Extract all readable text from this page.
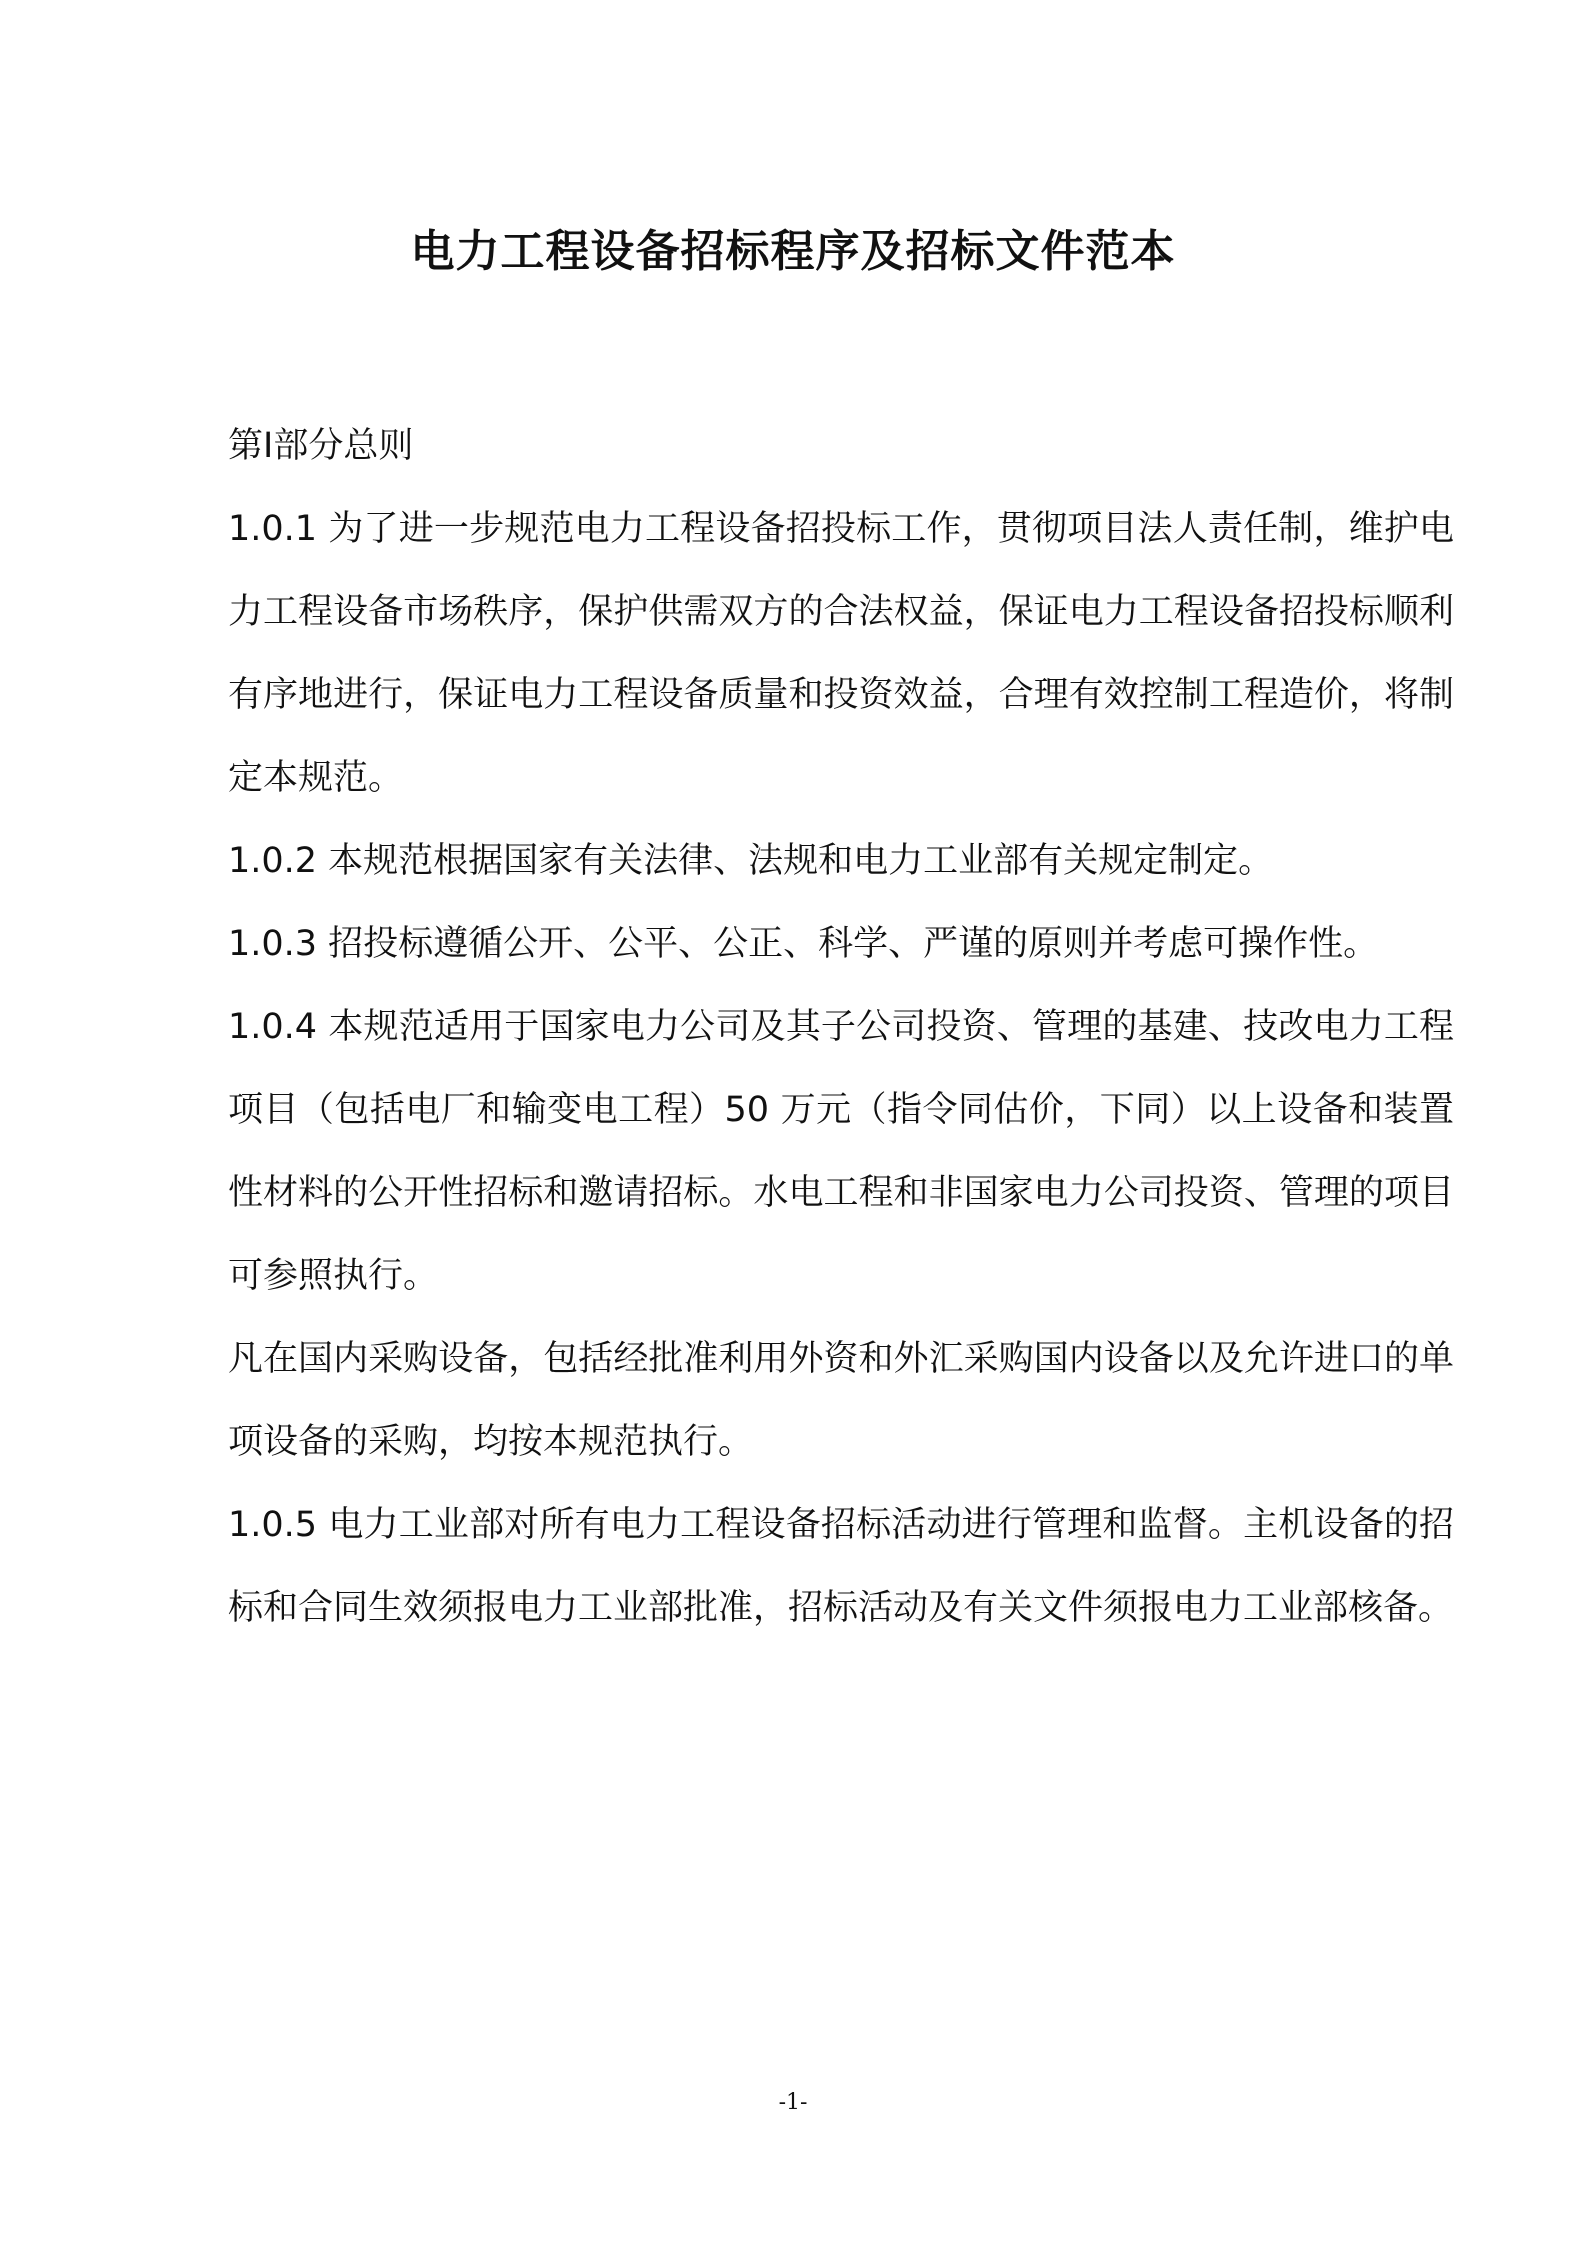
电力工程设备招标程序及招标文件范本

第Ⅰ部分总则

1.0.1 为了进一步规范电力工程设备招投标工作，贯彻项目法人责任制，维护电力工程设备市场秩序，保护供需双方的合法权益，保证电力工程设备招投标顺利有序地进行，保证电力工程设备质量和投资效益，合理有效控制工程造价，将制定本规范。

1.0.2 本规范根据国家有关法律、法规和电力工业部有关规定制定。

1.0.3 招投标遵循公开、公平、公正、科学、严谨的原则并考虑可操作性。

1.0.4 本规范适用于国家电力公司及其子公司投资、管理的基建、技改电力工程项目（包括电厂和输变电工程）50 万元（指令同估价，下同）以上设备和装置性材料的公开性招标和邀请招标。水电工程和非国家电力公司投资、管理的项目可参照执行。

凡在国内采购设备，包括经批准利用外资和外汇采购国内设备以及允许进口的单项设备的采购，均按本规范执行。

1.0.5 电力工业部对所有电力工程设备招标活动进行管理和监督。主机设备的招标和合同生效须报电力工业部批准，招标活动及有关文件须报电力工业部核备。

-1-
